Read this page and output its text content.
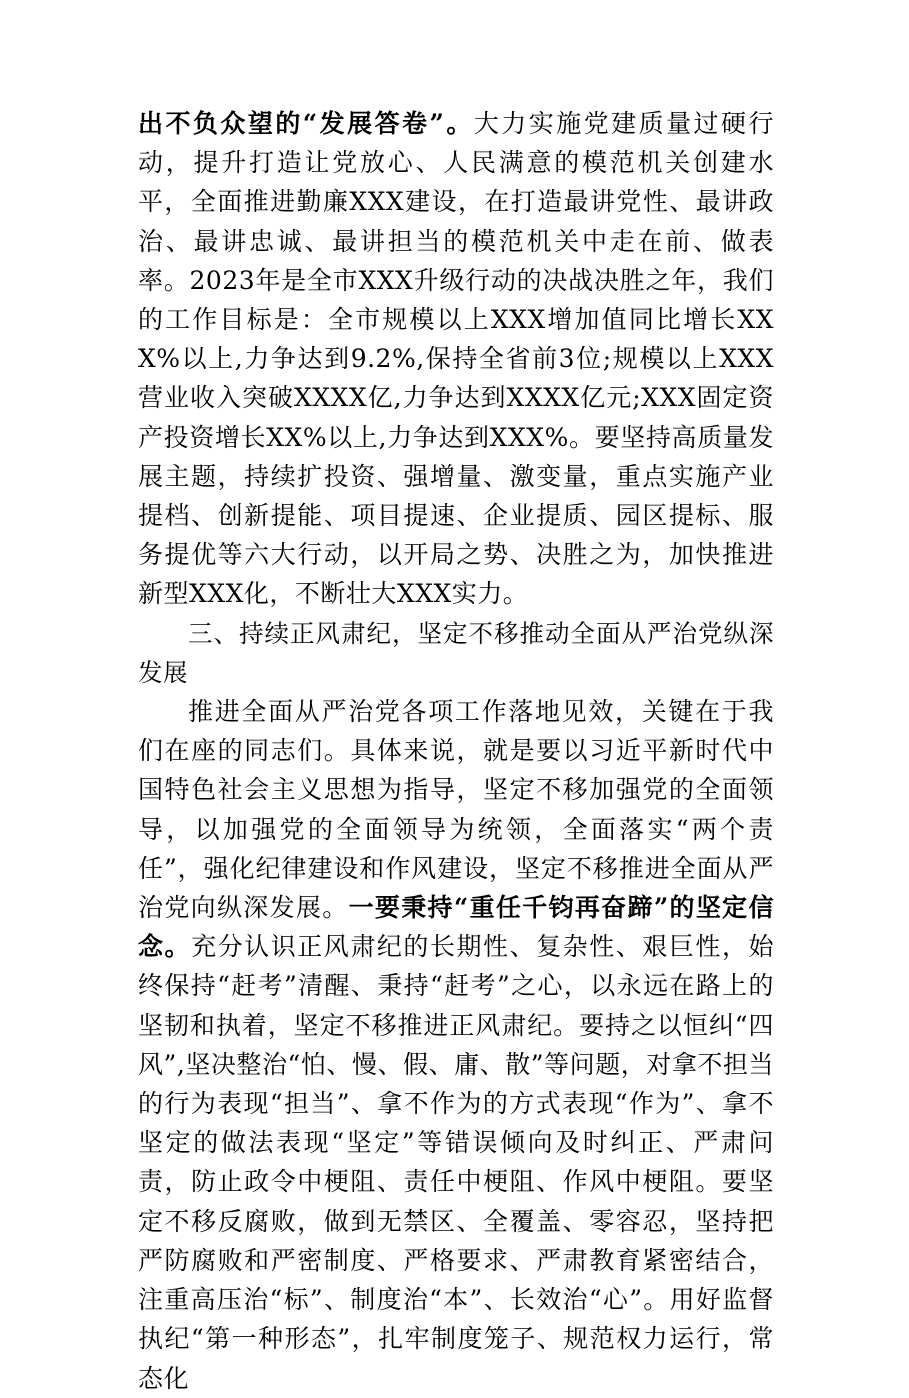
出不负众望的“发展答卷”。大力实施党建质量过硬行动，提升打造让党放心、人民满意的模范机关创建水平，全面推进勤廉XXX建设，在打造最讲党性、最讲政治、最讲忠诚、最讲担当的模范机关中走在前、做表率。2023年是全市XXX升级行动的决战决胜之年，我们的工作目标是：全市规模以上XXX增加值同比增长XXX%以上,力争达到9.2%,保持全省前3位;规模以上XXX营业收入突破XXXX亿,力争达到XXXX亿元;XXX固定资产投资增长XX%以上,力争达到XXX%。要坚持高质量发展主题，持续扩投资、强增量、激变量，重点实施产业提档、创新提能、项目提速、企业提质、园区提标、服务提优等六大行动，以开局之势、决胜之为，加快推进新型XXX化，不断壮大XXX实力。

三、持续正风肃纪，坚定不移推动全面从严治党纵深发展

推进全面从严治党各项工作落地见效，关键在于我们在座的同志们。具体来说，就是要以习近平新时代中国特色社会主义思想为指导，坚定不移加强党的全面领导，以加强党的全面领导为统领，全面落实“两个责任”，强化纪律建设和作风建设，坚定不移推进全面从严治党向纵深发展。一要秉持“重任千钧再奋蹄”的坚定信念。充分认识正风肃纪的长期性、复杂性、艰巨性，始终保持“赶考”清醒、秉持“赶考”之心，以永远在路上的坚韧和执着，坚定不移推进正风肃纪。要持之以恒纠“四风”,坚决整治“怕、慢、假、庸、散”等问题，对拿不担当的行为表现“担当”、拿不作为的方式表现“作为”、拿不坚定的做法表现“坚定”等错误倾向及时纠正、严肃问责，防止政令中梗阻、责任中梗阻、作风中梗阻。要坚定不移反腐败，做到无禁区、全覆盖、零容忍，坚持把严防腐败和严密制度、严格要求、严肃教育紧密结合，注重高压治“标”、制度治“本”、长效治“心”。用好监督执纪“第一种形态”，扎牢制度笼子、规范权力运行，常态化
